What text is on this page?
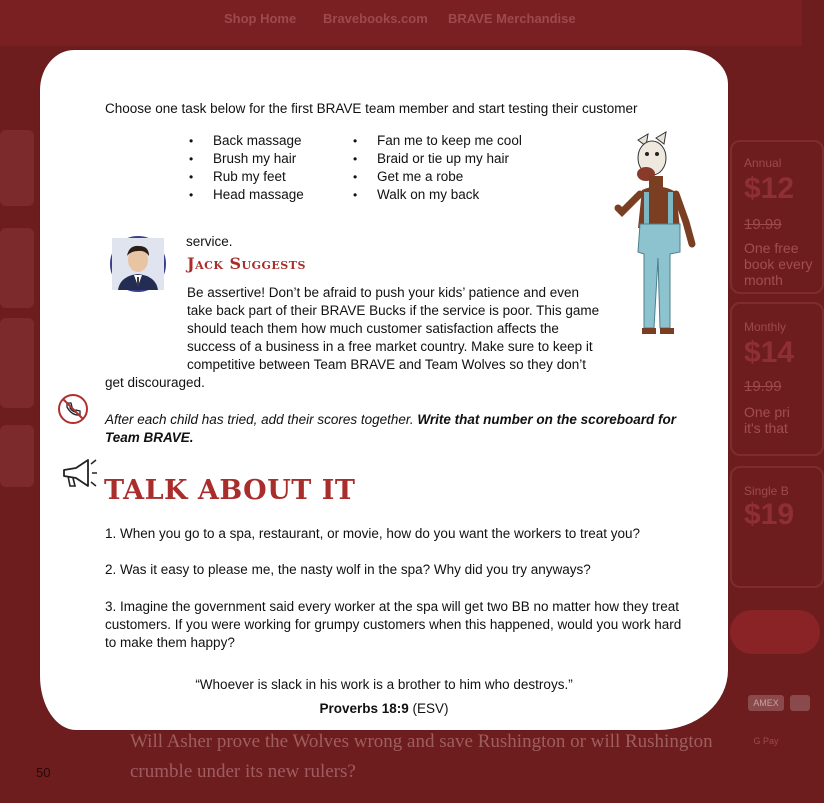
Shop Home Bravebooks.com BRAVE Merchandise
Annual
$12
19.99
One free book every month
Monthly
$14
19.99
One pri it's that
Single B
$19
AMEX
G Pay
Will Asher prove the Wolves wrong and save Rushington or will Rushington crumble under its new rulers?
50
Choose one task below for the first BRAVE team member and start testing their customer
• Back massage
• Brush my hair
• Rub my feet
• Head massage
• Fan me to keep me cool
• Braid or tie up my hair
• Get me a robe
• Walk on my back
service.
Jack Suggests

Be assertive! Don’t be afraid to push your kids’ patience and even

take back part of their BRAVE Bucks if the service is poor. This game

should teach them how much customer satisfaction affects the

success of a business in a free market country. Make sure to keep it

competitive between Team BRAVE and Team Wolves so they don’t

get discouraged.

After each child has tried, add their scores together. Write that number on the scoreboard for Team BRAVE.

TALK ABOUT IT

1. When you go to a spa, restaurant, or movie, how do you want the workers to treat you?

2. Was it easy to please me, the nasty wolf in the spa? Why did you try anyways?

3. Imagine the government said every worker at the spa will get two BB no matter how they treat customers. If you were working for grumpy customers when this happened, would you work hard to make them happy?

“Whoever is slack in his work is a brother to him who destroys.”
Proverbs 18:9 (ESV)
